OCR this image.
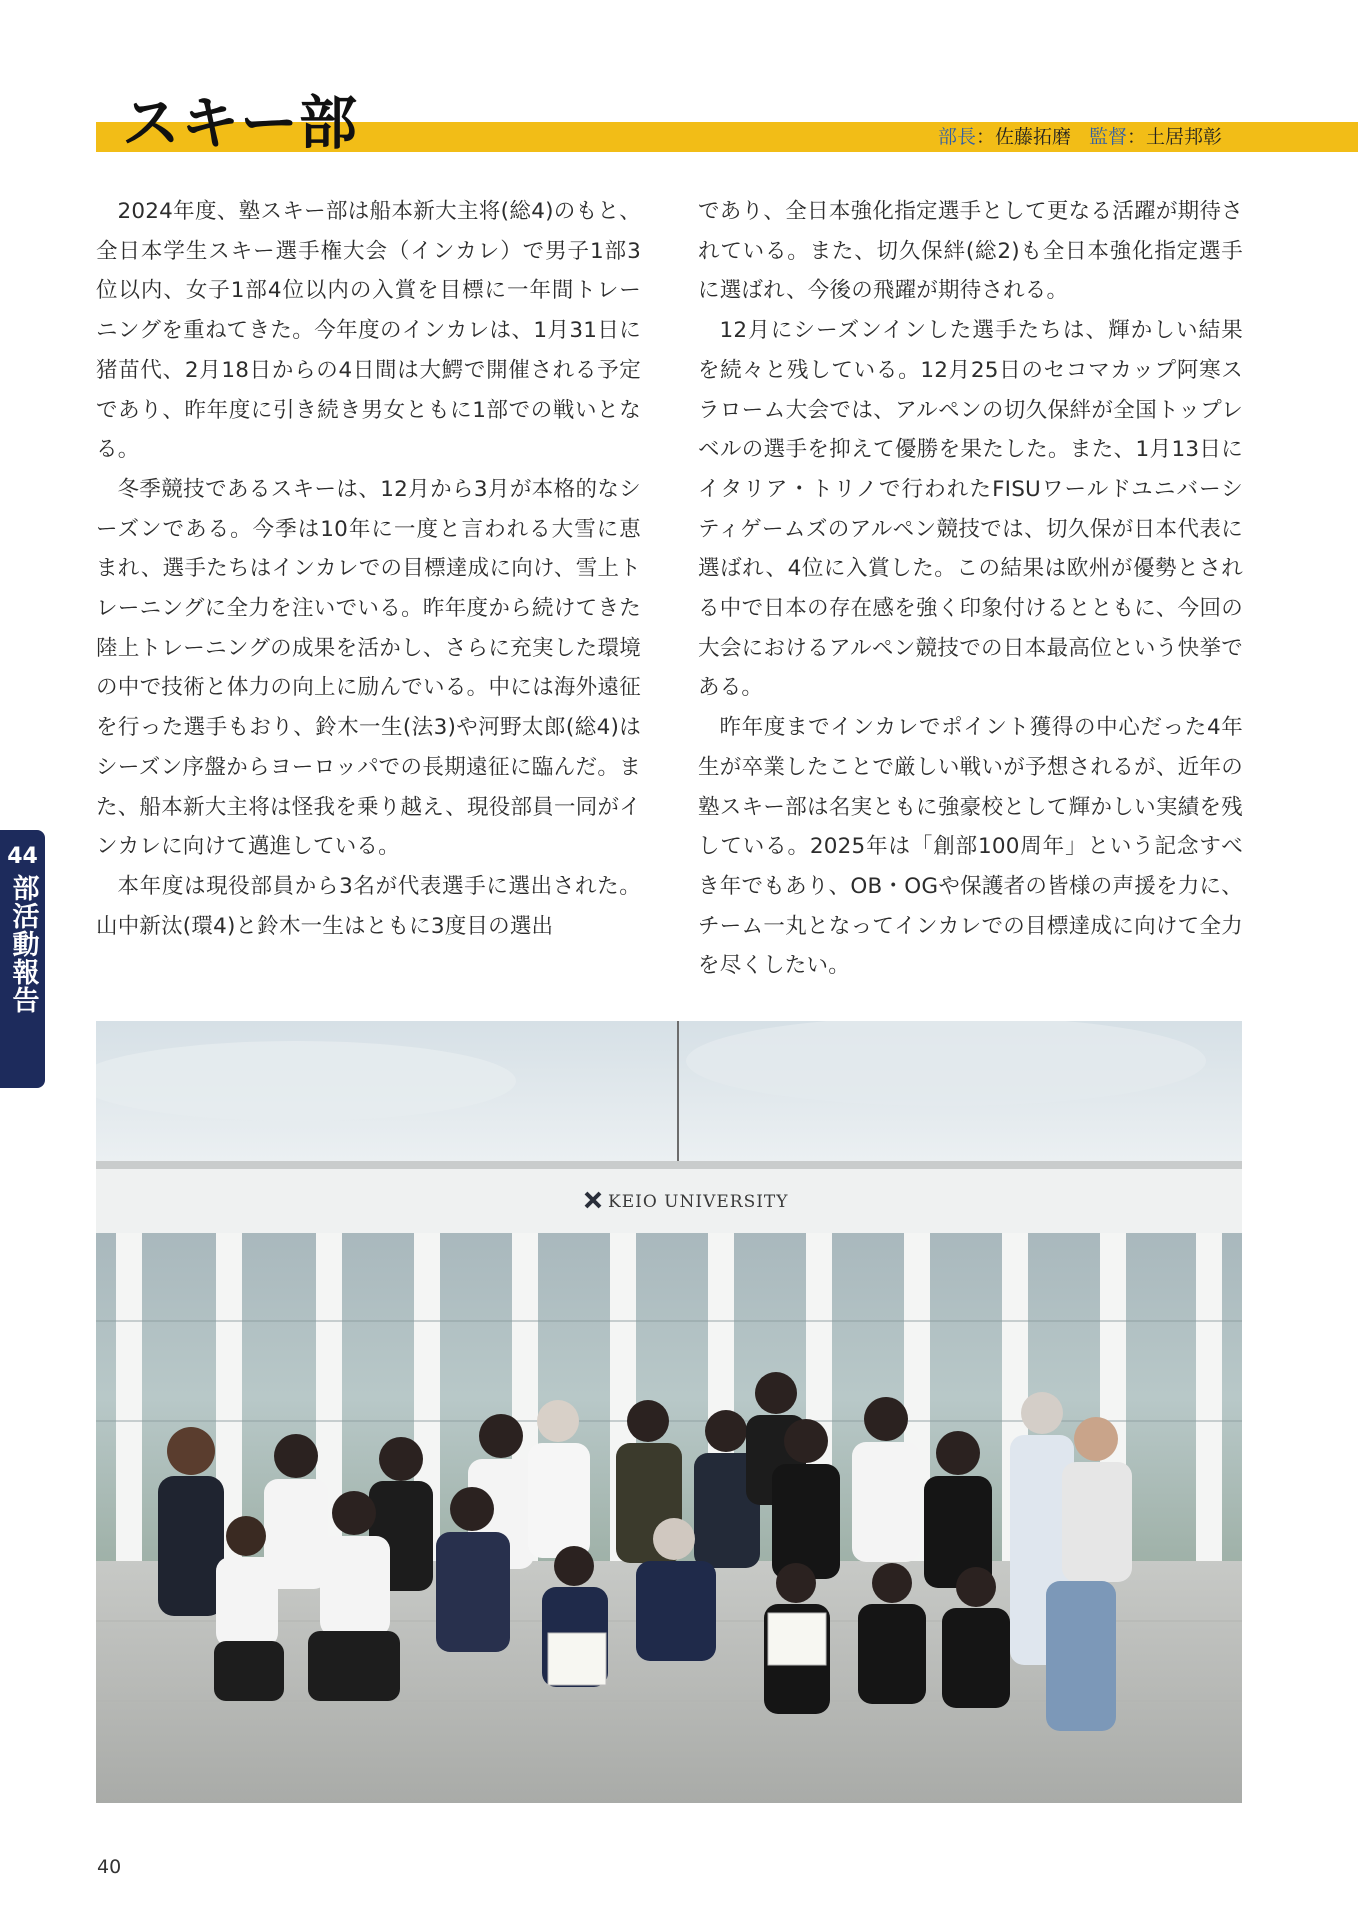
スキー部	部長：佐藤拓磨 監督：土居邦彰

2024年度、塾スキー部は船本新大主将(総4)のもと、全日本学生スキー選手権大会（インカレ）で男子1部3位以内、女子1部4位以内の入賞を目標に一年間トレーニングを重ねてきた。今年度のインカレは、1月31日に猪苗代、2月18日からの4日間は大鰐で開催される予定であり、昨年度に引き続き男女ともに1部での戦いとなる。

冬季競技であるスキーは、12月から3月が本格的なシーズンである。今季は10年に一度と言われる大雪に恵まれ、選手たちはインカレでの目標達成に向け、雪上トレーニングに全力を注いでいる。昨年度から続けてきた陸上トレーニングの成果を活かし、さらに充実した環境の中で技術と体力の向上に励んでいる。中には海外遠征を行った選手もおり、鈴木一生(法3)や河野太郎(総4)はシーズン序盤からヨーロッパでの長期遠征に臨んだ。また、船本新大主将は怪我を乗り越え、現役部員一同がインカレに向けて邁進している。

本年度は現役部員から3名が代表選手に選出された。山中新汰(環4)と鈴木一生はともに3度目の選出

であり、全日本強化指定選手として更なる活躍が期待されている。また、切久保絆(総2)も全日本強化指定選手に選ばれ、今後の飛躍が期待される。

12月にシーズンインした選手たちは、輝かしい結果を続々と残している。12月25日のセコマカップ阿寒スラローム大会では、アルペンの切久保絆が全国トップレベルの選手を抑えて優勝を果たした。また、1月13日にイタリア・トリノで行われたFISUワールドユニバーシティゲームズのアルペン競技では、切久保が日本代表に選ばれ、4位に入賞した。この結果は欧州が優勢とされる中で日本の存在感を強く印象付けるとともに、今回の大会におけるアルペン競技での日本最高位という快挙である。

昨年度までインカレでポイント獲得の中心だった4年生が卒業したことで厳しい戦いが予想されるが、近年の塾スキー部は名実ともに強豪校として輝かしい実績を残している。2025年は「創部100周年」という記念すべき年でもあり、OB・OGや保護者の皆様の声援を力に、チーム一丸となってインカレでの目標達成に向けて全力を尽くしたい。

44
部活動報告
KEIO UNIVERSITY
40
